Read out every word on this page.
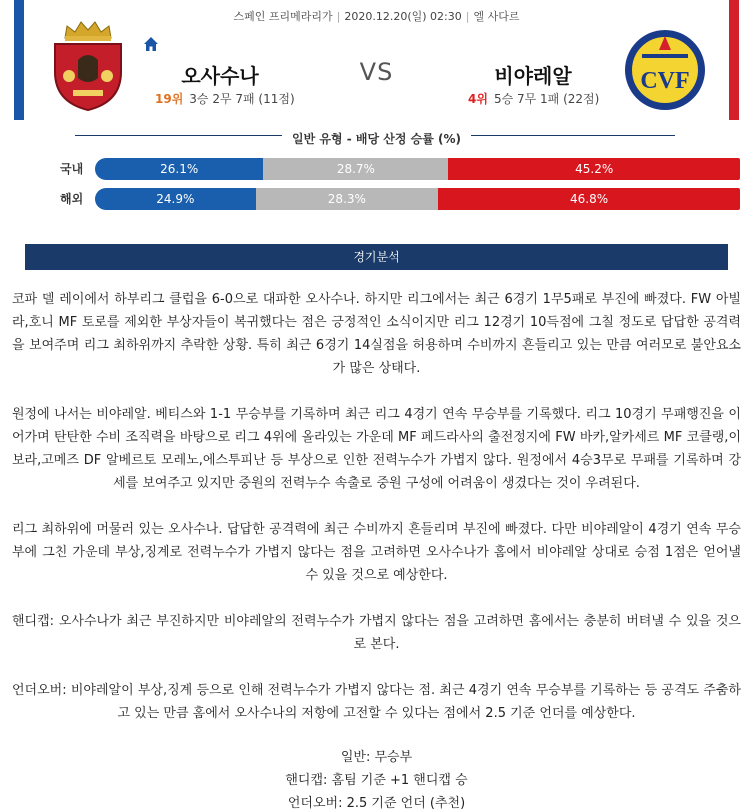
스페인 프리메라리가 | 2020.12.20(일) 02:30 | 엘 사다르
CVF
오사수나	VS	비야레알
19위 3승 2무 7패 (11점)	4위 5승 7무 1패 (22점)
일반 유형 - 배당 산정 승률 (%)
국내	26.1%	28.7%	45.2%
해외	24.9%	28.3%	46.8%
경기분석

코파 델 레이에서 하부리그 클럽을 6-0으로 대파한 오사수나. 하지만 리그에서는 최근 6경기 1무5패로 부진에 빠졌다. FW 아빌라,호니 MF 토로를 제외한 부상자들이 복귀했다는 점은 긍정적인 소식이지만 리그 12경기 10득점에 그칠 정도로 답답한 공격력을 보여주며 리그 최하위까지 추락한 상황. 특히 최근 6경기 14실점을 허용하며 수비까지 흔들리고 있는 만큼 여러모로 불안요소가 많은 상태다.

원정에 나서는 비야레알. 베티스와 1-1 무승부를 기록하며 최근 리그 4경기 연속 무승부를 기록했다. 리그 10경기 무패행진을 이어가며 탄탄한 수비 조직력을 바탕으로 리그 4위에 올라있는 가운데 MF 페드라사의 출전정지에 FW 바카,알카세르 MF 코클랭,이보라,고메즈 DF 알베르토 모레노,에스투피난 등 부상으로 인한 전력누수가 가볍지 않다. 원정에서 4승3무로 무패를 기록하며 강세를 보여주고 있지만 중원의 전력누수 속출로 중원 구성에 어려움이 생겼다는 것이 우려된다.

리그 최하위에 머물러 있는 오사수나. 답답한 공격력에 최근 수비까지 흔들리며 부진에 빠졌다. 다만 비야레알이 4경기 연속 무승부에 그친 가운데 부상,징계로 전력누수가 가볍지 않다는 점을 고려하면 오사수나가 홈에서 비야레알 상대로 승점 1점은 얻어낼 수 있을 것으로 예상한다.

핸디캡: 오사수나가 최근 부진하지만 비야레알의 전력누수가 가볍지 않다는 점을 고려하면 홈에서는 충분히 버텨낼 수 있을 것으로 본다.

언더오버: 비야레알이 부상,징계 등으로 인해 전력누수가 가볍지 않다는 점. 최근 4경기 연속 무승부를 기록하는 등 공격도 주춤하고 있는 만큼 홈에서 오사수나의 저항에 고전할 수 있다는 점에서 2.5 기준 언더를 예상한다.

일반: 무승부
핸디캡: 홈팀 기준 +1 핸디캡 승
언더오버: 2.5 기준 언더 (추천)
